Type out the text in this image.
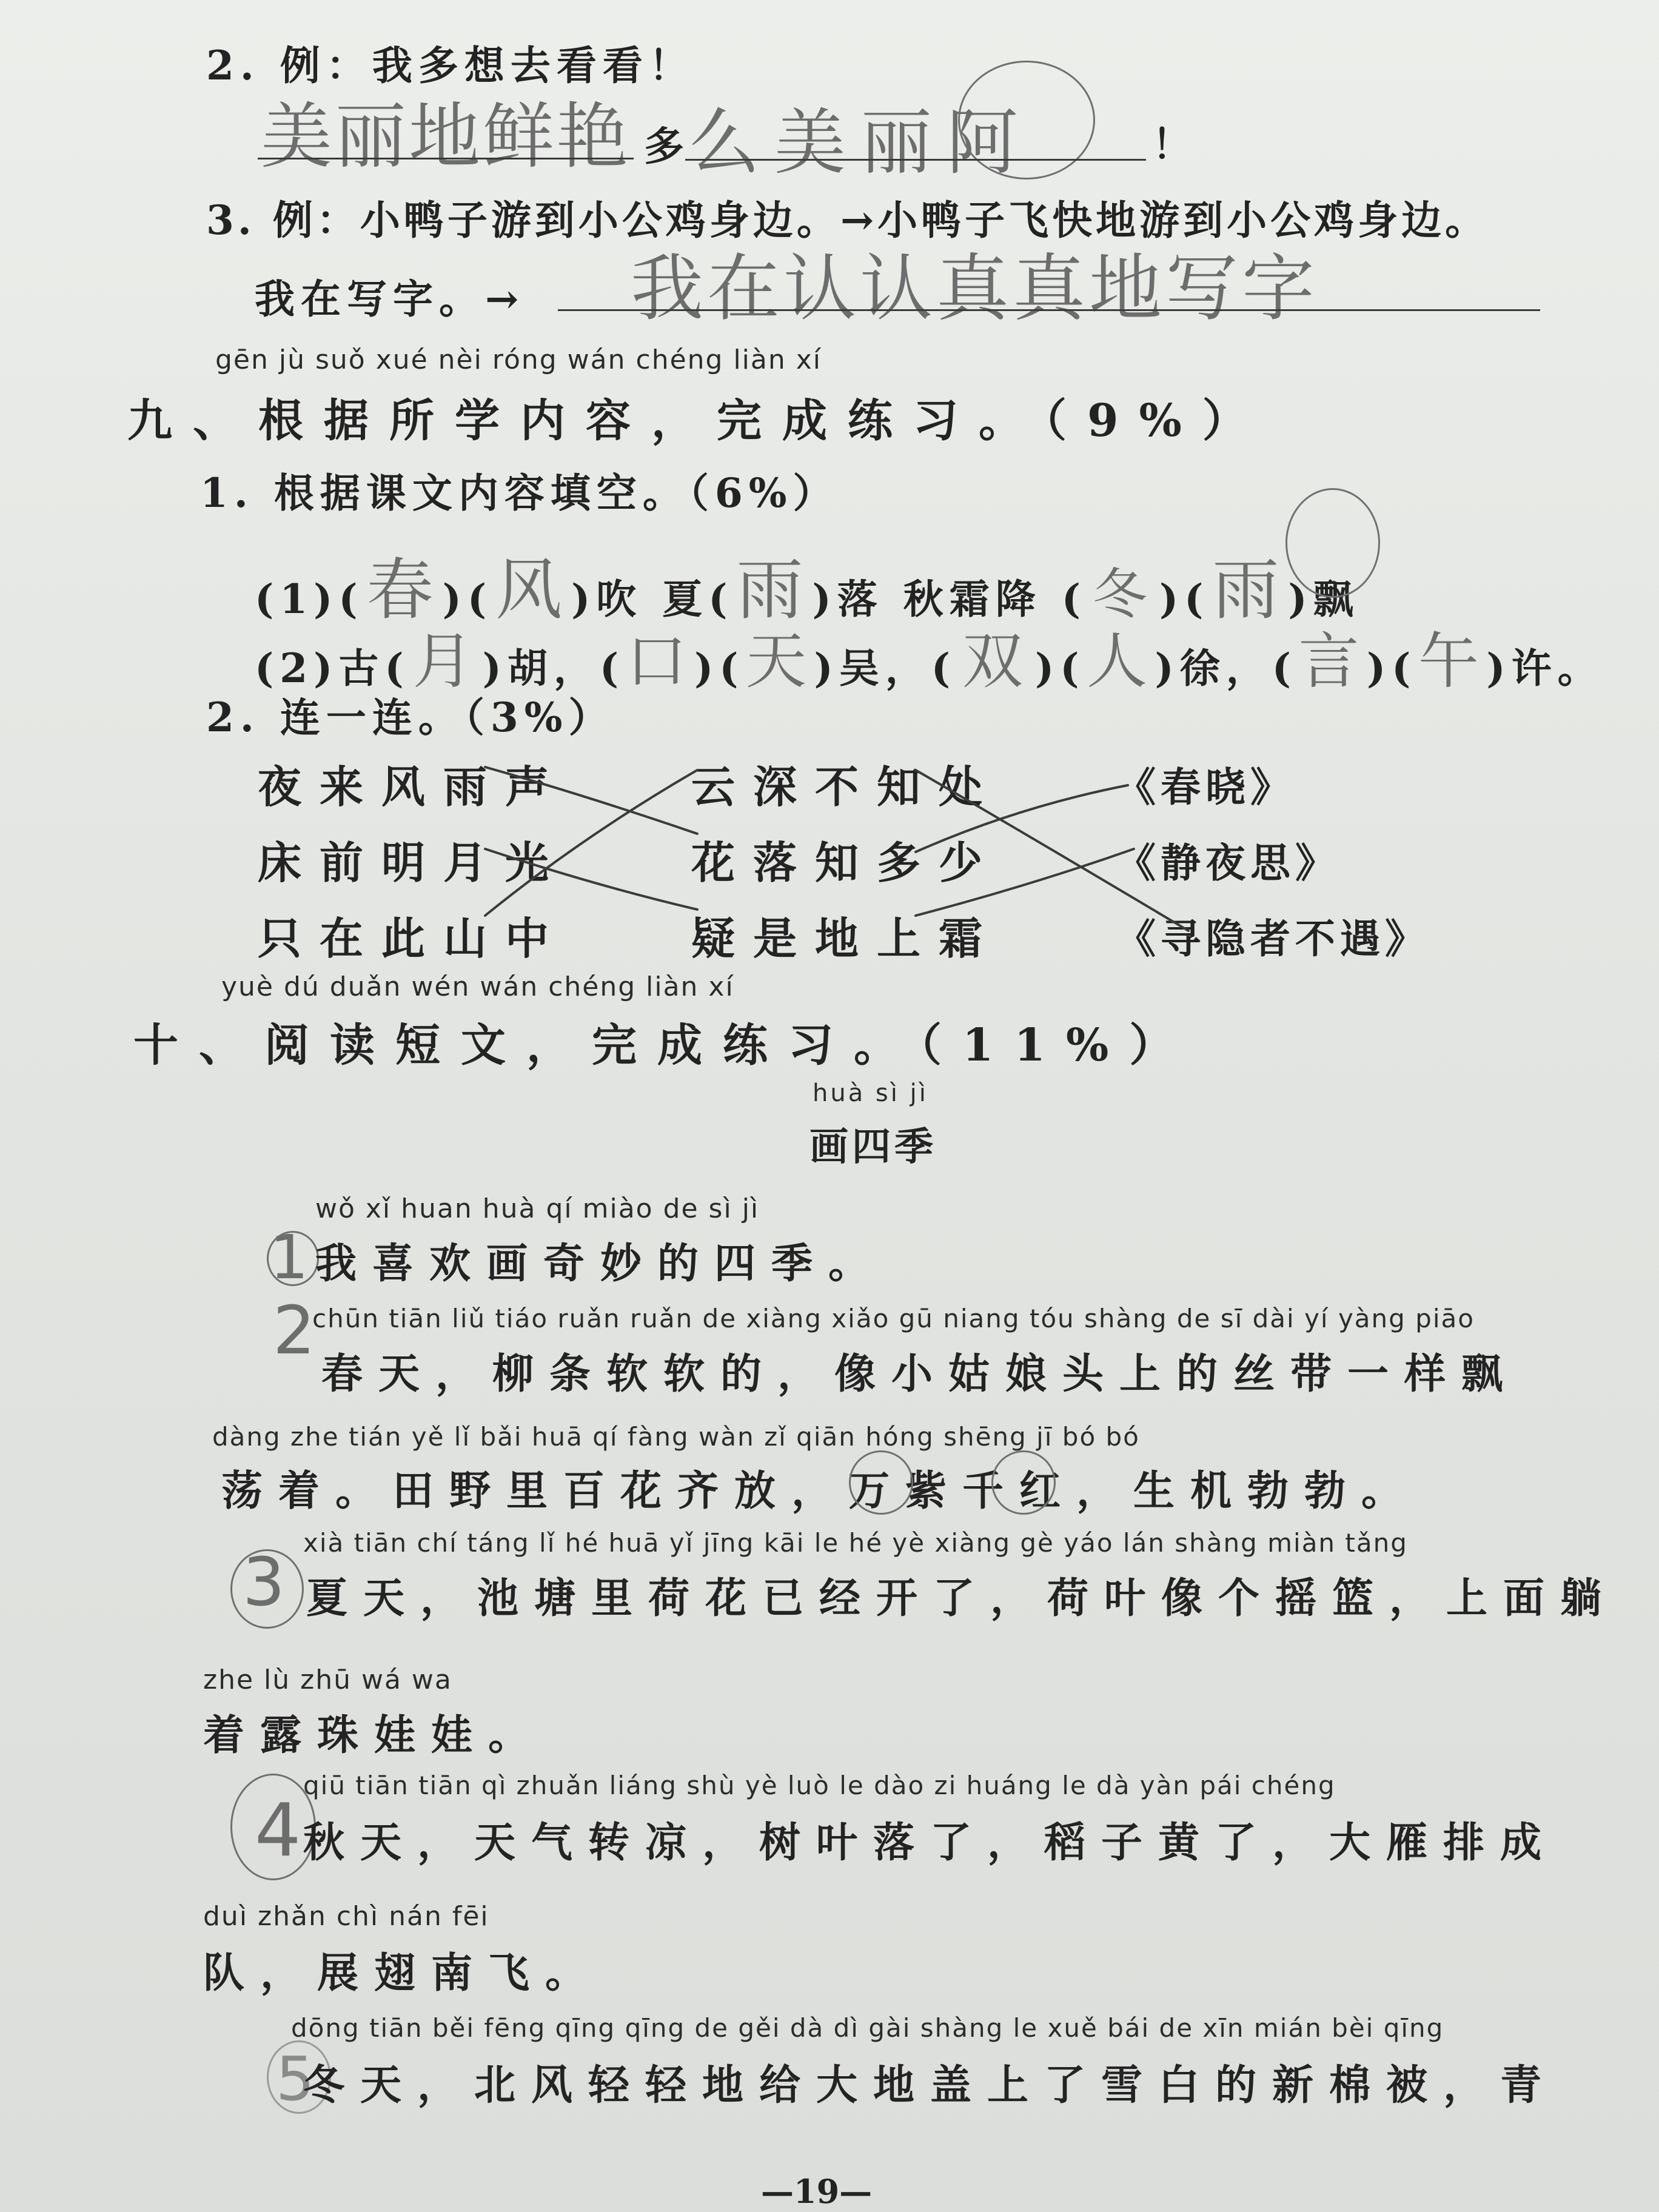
2. 例：我多想去看看！
美丽地鲜艳 多
么美丽阿	！
3. 例：小鸭子游到小公鸡身边。→小鸭子飞快地游到小公鸡身边。
我在写字。→ 我在认认真真地写字
gēn jù suǒ xué nèi róng wán chéng liàn xí
九、根据所学内容，完成练习。（9%）
1. 根据课文内容填空。（6%）
(1)(春)(风)吹 夏(雨)落 秋霜降 ( 冬 )(雨)飘
(2)古(月)胡，(口)(天)吴，( 双 )(人)徐，(言)(午)许。
2. 连一连。（3%）
夜来风雨声
床前明月光
只在此山中
云深不知处
花落知多少
疑是地上霜
《春晓》
《静夜思》
《寻隐者不遇》
yuè dú duǎn wén wán chéng liàn xí
十、阅读短文，完成练习。（11%）
huà sì jì
画四季
1
wǒ xǐ huan huà qí miào de sì jì
我喜欢画奇妙的四季。
2
chūn tiān liǔ tiáo ruǎn ruǎn de xiàng xiǎo gū niang tóu shàng de sī dài yí yàng piāo
春天，柳条软软的，像小姑娘头上的丝带一样飘
dàng zhe tián yě lǐ bǎi huā qí fàng wàn zǐ qiān hóng shēng jī bó bó
荡着。田野里百花齐放，万紫千红，生机勃勃。
3
xià tiān chí táng lǐ hé huā yǐ jīng kāi le hé yè xiàng gè yáo lán shàng miàn tǎng
夏天，池塘里荷花已经开了，荷叶像个摇篮，上面躺
zhe lù zhū wá wa
着露珠娃娃。
4
qiū tiān tiān qì zhuǎn liáng shù yè luò le dào zi huáng le dà yàn pái chéng
秋天，天气转凉，树叶落了，稻子黄了，大雁排成
duì zhǎn chì nán fēi
队，展翅南飞。
5
dōng tiān běi fēng qīng qīng de gěi dà dì gài shàng le xuě bái de xīn mián bèi qīng
冬天，北风轻轻地给大地盖上了雪白的新棉被，青
—19—
